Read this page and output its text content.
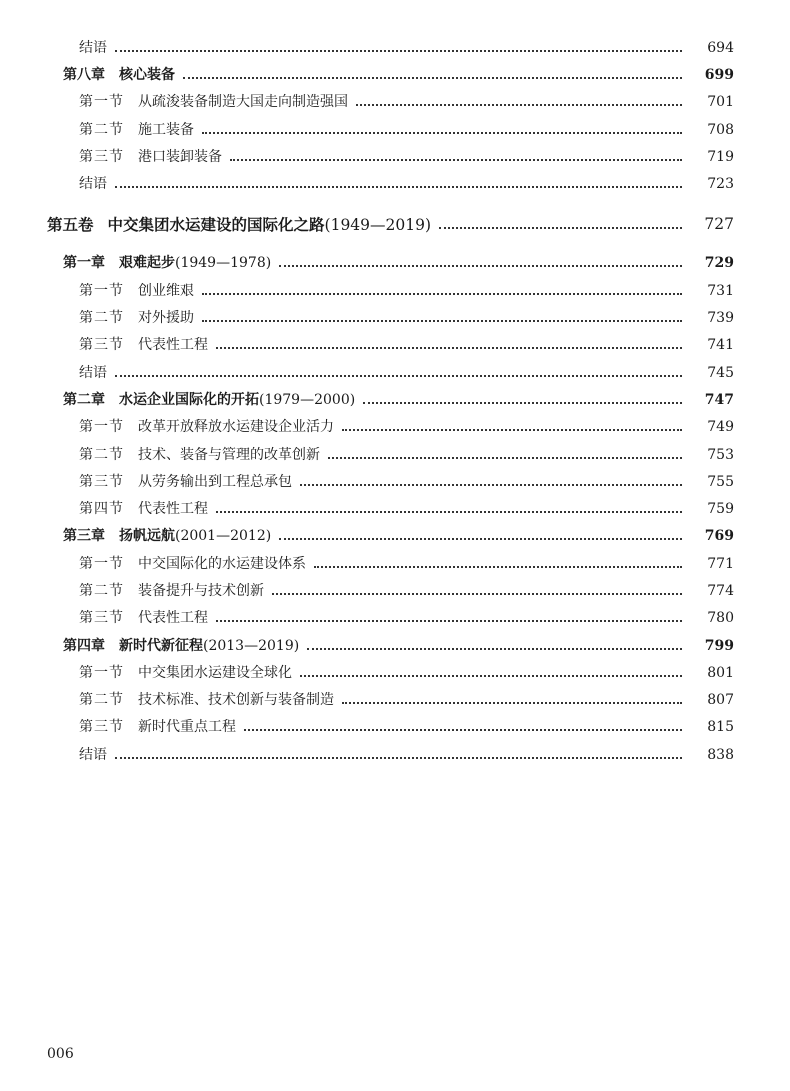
结语	694
第八章 核心装备	699
第一节 从疏浚装备制造大国走向制造强国	701
第二节 施工装备	708
第三节 港口装卸装备	719
结语	723
第五卷 中交集团水运建设的国际化之路(1949—2019)	727
第一章 艰难起步(1949—1978)	729
第一节 创业维艰	731
第二节 对外援助	739
第三节 代表性工程	741
结语	745
第二章 水运企业国际化的开拓(1979—2000)	747
第一节 改革开放释放水运建设企业活力	749
第二节 技术、装备与管理的改革创新	753
第三节 从劳务输出到工程总承包	755
第四节 代表性工程	759
第三章 扬帆远航(2001—2012)	769
第一节 中交国际化的水运建设体系	771
第二节 装备提升与技术创新	774
第三节 代表性工程	780
第四章 新时代新征程(2013—2019)	799
第一节 中交集团水运建设全球化	801
第二节 技术标准、技术创新与装备制造	807
第三节 新时代重点工程	815
结语	838
006
